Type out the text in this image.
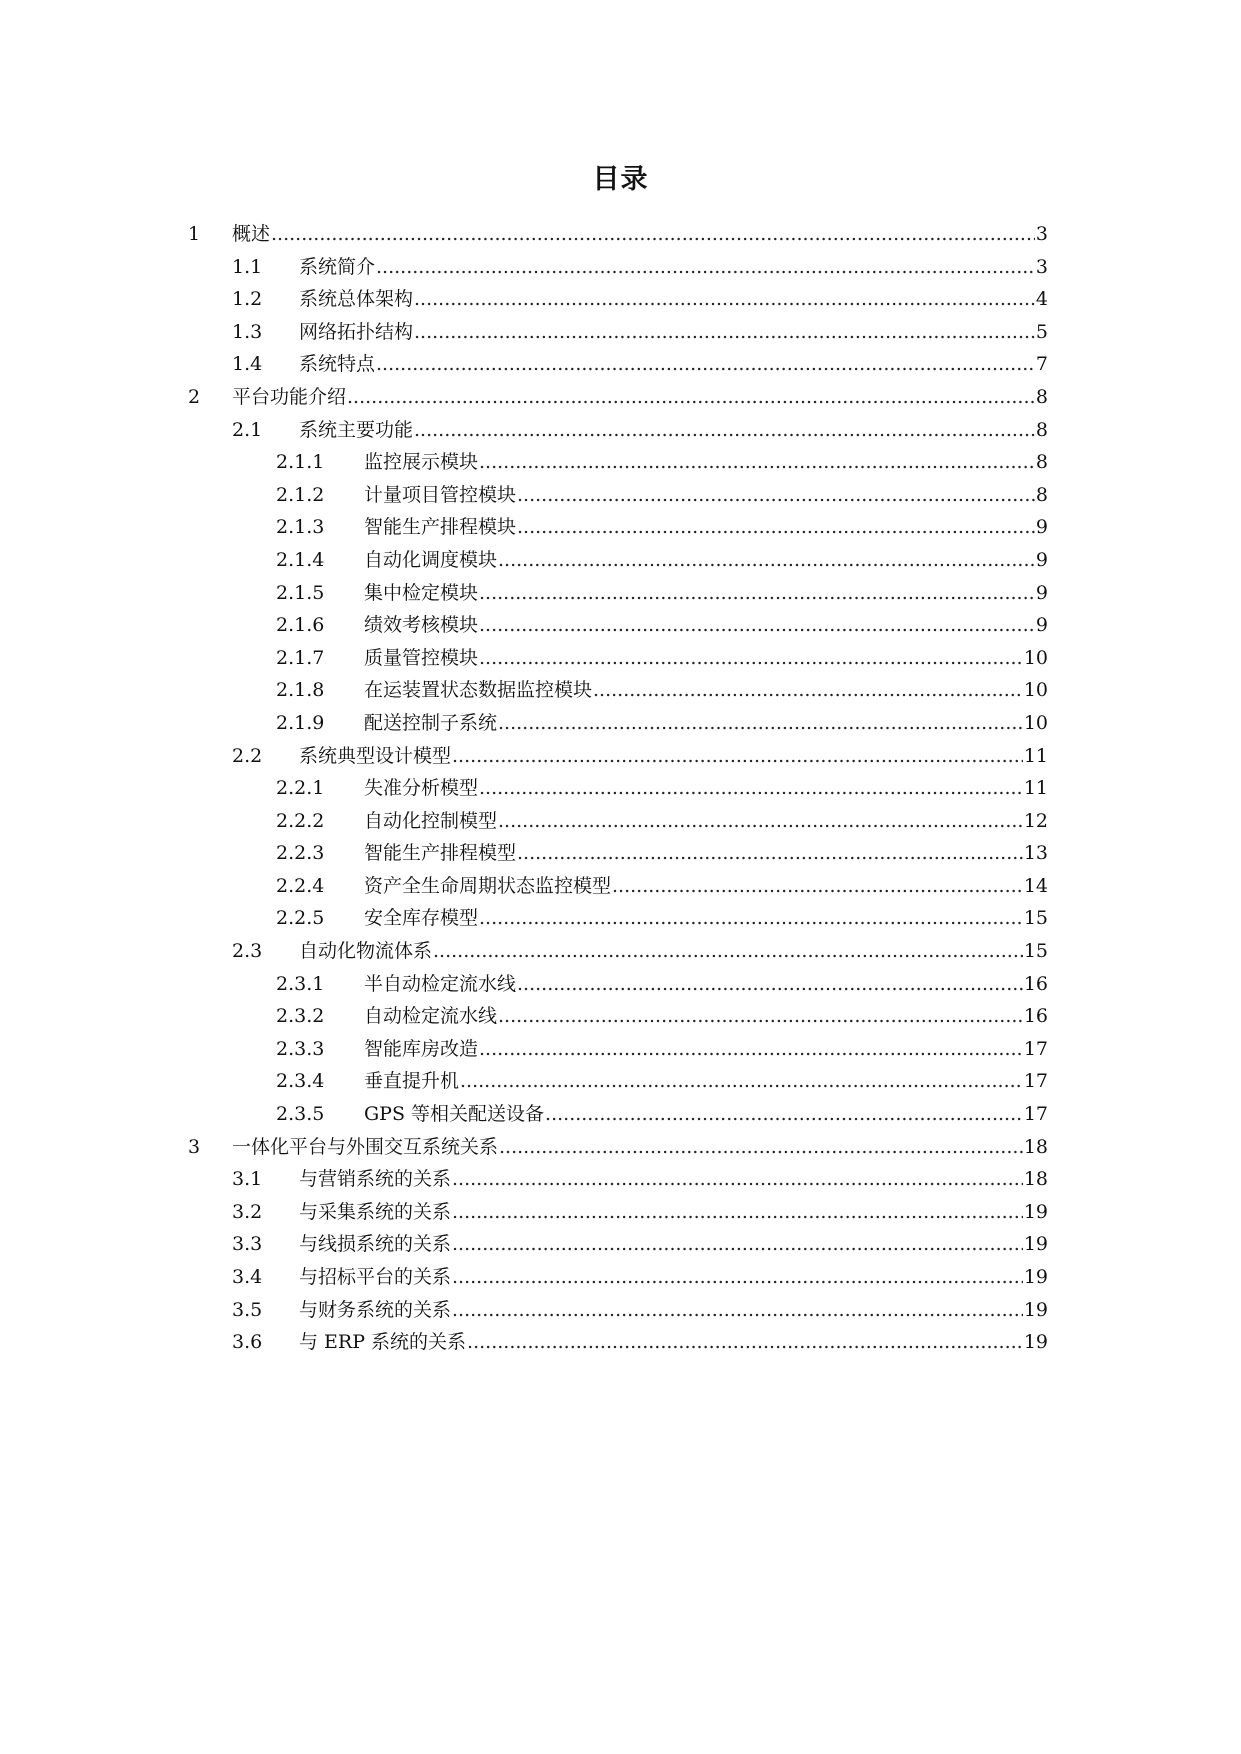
目录
1 概述 .....	3
1.1 系统简介 .....	3
1.2 系统总体架构 .....	4
1.3 网络拓扑结构 .....	5
1.4 系统特点 .....	7
2 平台功能介绍 .....	8
2.1 系统主要功能 .....	8
2.1.1 监控展示模块 .....	8
2.1.2 计量项目管控模块 .....	8
2.1.3 智能生产排程模块 .....	9
2.1.4 自动化调度模块 .....	9
2.1.5 集中检定模块 .....	9
2.1.6 绩效考核模块 .....	9
2.1.7 质量管控模块 .....	10
2.1.8 在运装置状态数据监控模块 .....	10
2.1.9 配送控制子系统 .....	10
2.2 系统典型设计模型 .....	11
2.2.1 失准分析模型 .....	11
2.2.2 自动化控制模型 .....	12
2.2.3 智能生产排程模型 .....	13
2.2.4 资产全生命周期状态监控模型 .....	14
2.2.5 安全库存模型 .....	15
2.3 自动化物流体系 .....	15
2.3.1 半自动检定流水线 .....	16
2.3.2 自动检定流水线 .....	16
2.3.3 智能库房改造 .....	17
2.3.4 垂直提升机 .....	17
2.3.5 GPS 等相关配送设备 .....	17
3 一体化平台与外围交互系统关系 .....	18
3.1 与营销系统的关系 .....	18
3.2 与采集系统的关系 .....	19
3.3 与线损系统的关系 .....	19
3.4 与招标平台的关系 .....	19
3.5 与财务系统的关系 .....	19
3.6 与 ERP 系统的关系 .....	19
